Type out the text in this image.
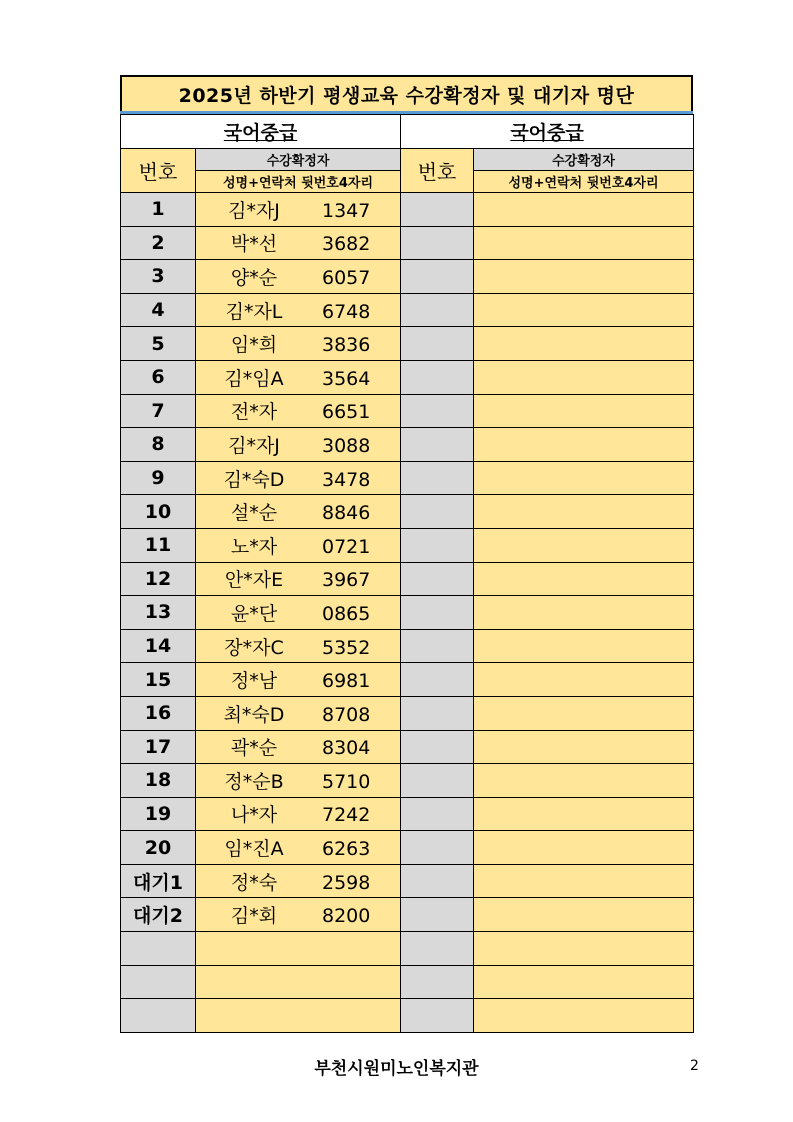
2025년 하반기 평생교육 수강확정자 및 대기자 명단
국어중급		국어중급	
번호	수강확정자	번호	수강확정자
	성명+연락처 뒷번호4자리		성명+연락처 뒷번호4자리
1	김*자J 1347		
2	박*선 3682		
3	양*순 6057		
4	김*자L 6748		
5	임*희 3836		
6	김*임A 3564		
7	전*자 6651		
8	김*자J 3088		
9	김*숙D 3478		
10	설*순 8846		
11	노*자 0721		
12	안*자E 3967		
13	윤*단 0865		
14	장*자C 5352		
15	정*남 6981		
16	최*숙D 8708		
17	곽*순 8304		
18	정*순B 5710		
19	나*자 7242		
20	임*진A 6263		
대기1	정*숙 2598		
대기2	김*회 8200		

부천시원미노인복지관	2
